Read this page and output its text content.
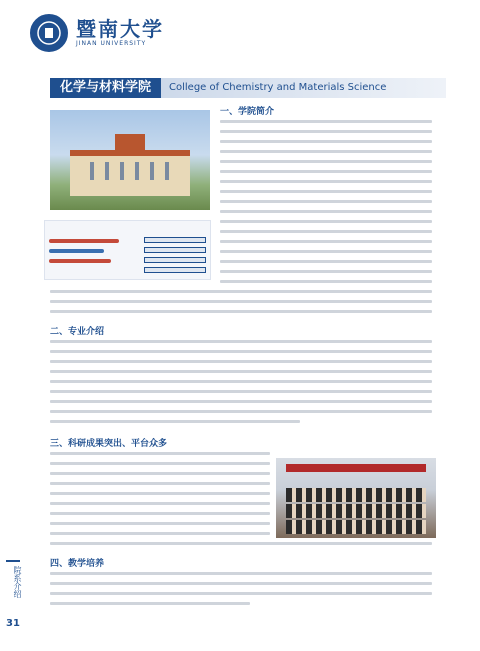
暨南大学
JINAN UNIVERSITY
化学与材料学院	College of Chemistry and Materials Science
一、学院简介
二、专业介绍
三、科研成果突出、平台众多
四、教学培养
院系介绍
31
